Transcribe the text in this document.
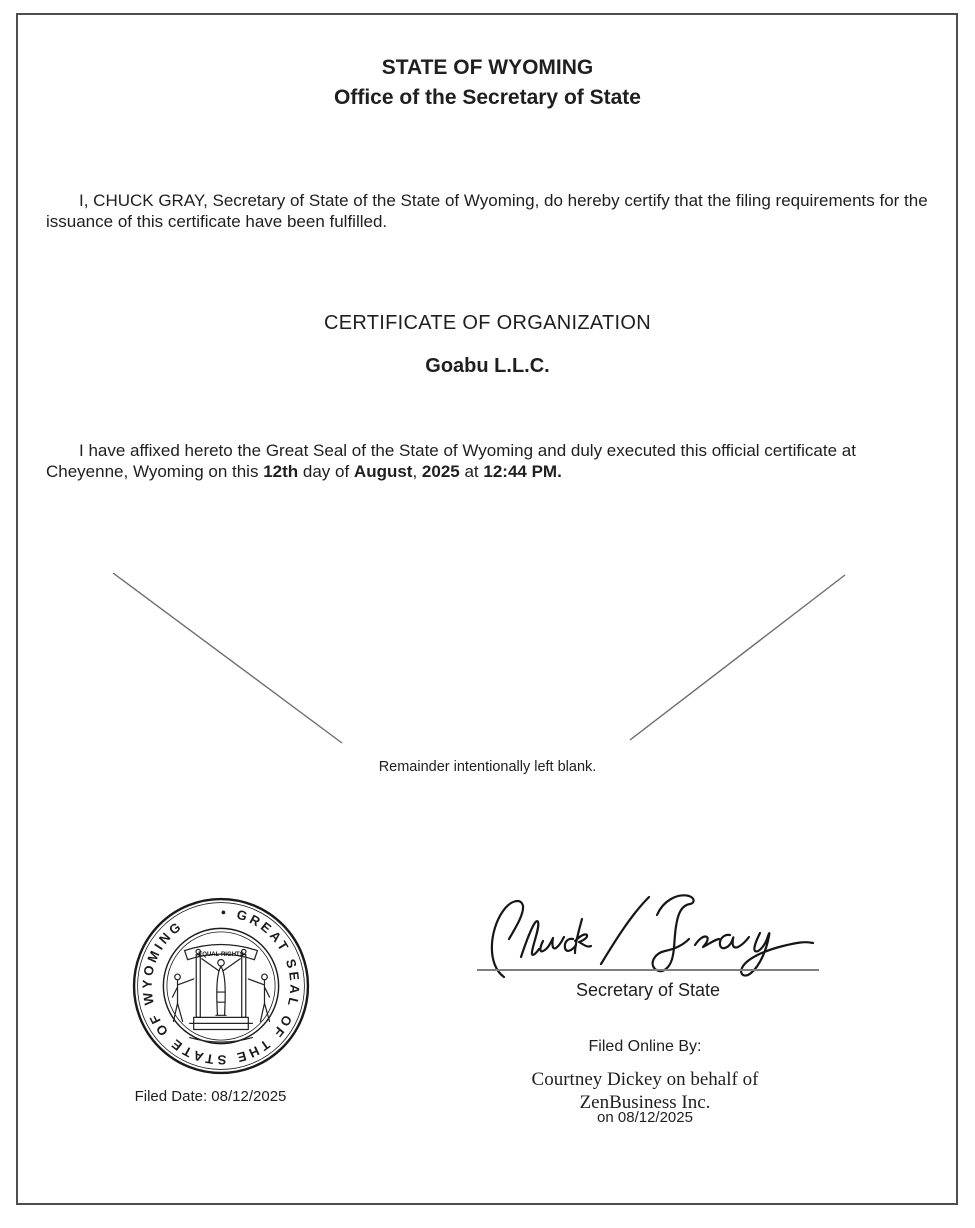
STATE OF WYOMING
Office of the Secretary of State

I, CHUCK GRAY, Secretary of State of the State of Wyoming, do hereby certify that the filing requirements for the issuance of this certificate have been fulfilled.

CERTIFICATE OF ORGANIZATION
Goabu L.L.C.

I have affixed hereto the Great Seal of the State of Wyoming and duly executed this official certificate at Cheyenne, Wyoming on this 12th day of August, 2025 at 12:44 PM.

Remainder intentionally left blank.
• GREAT SEAL OF THE STATE OF WYOMING
EQUAL RIGHTS
Filed Date: 08/12/2025
Secretary of State
Filed Online By:
Courtney Dickey on behalf of
ZenBusiness Inc.
on 08/12/2025
